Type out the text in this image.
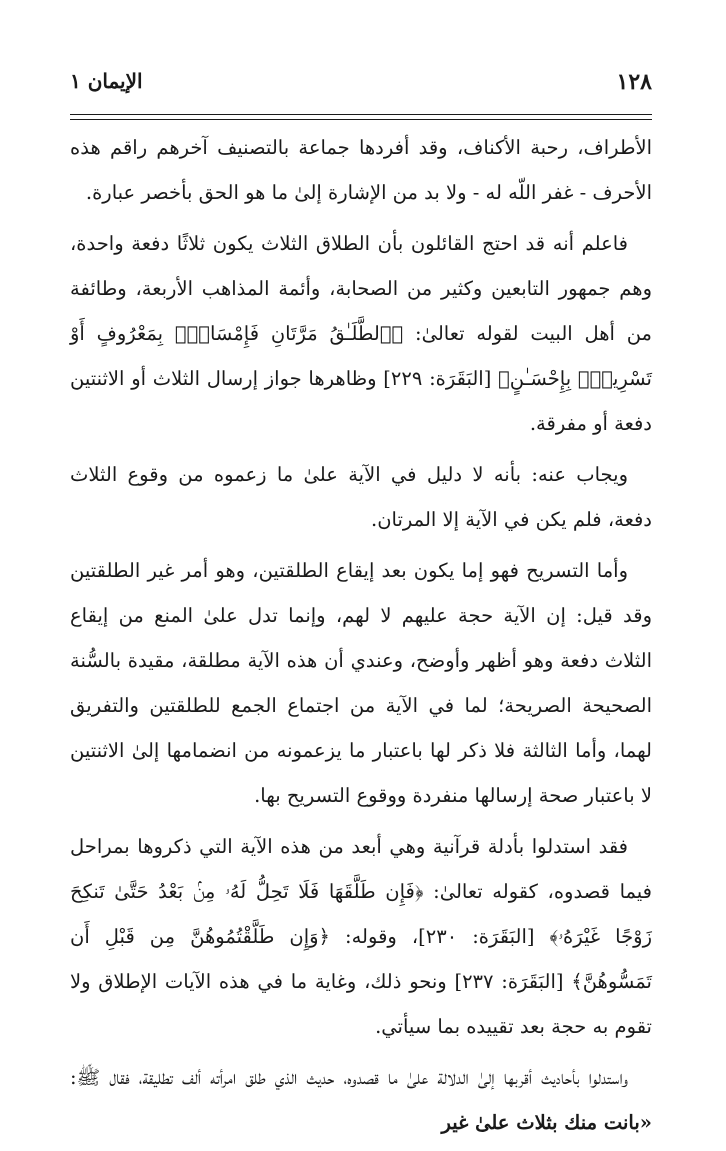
١٢٨
الإيمان ١

الأطراف، رحبة الأكناف، وقد أفردها جماعة بالتصنيف آخرهم راقم هذه الأحرف - غفر اللّه له - ولا بد من الإشارة إلىٰ ما هو الحق بأخصر عبارة.

فاعلم أنه قد احتج القائلون بأن الطلاق الثلاث يكون ثلاثًا دفعة واحدة، وهم جمهور التابعين وكثير من الصحابة، وأئمة المذاهب الأربعة، وطائفة من أهل البيت لقوله تعالىٰ: ﴿ٱلطَّلَـٰقُ مَرَّتَانِ فَإِمْسَاكٌۢ بِمَعْرُوفٍ أَوْ تَسْرِيحٌۢ بِإِحْسَـٰنٍ﴾ [البَقَرَة: ٢٢٩] وظاهرها جواز إرسال الثلاث أو الاثنتين دفعة أو مفرقة.

ويجاب عنه: بأنه لا دليل في الآية علىٰ ما زعموه من وقوع الثلاث دفعة، فلم يكن في الآية إلا المرتان.

وأما التسريح فهو إما يكون بعد إيقاع الطلقتين، وهو أمر غير الطلقتين وقد قيل: إن الآية حجة عليهم لا لهم، وإنما تدل علىٰ المنع من إيقاع الثلاث دفعة وهو أظهر وأوضح، وعندي أن هذه الآية مطلقة، مقيدة بالسُّنة الصحيحة الصريحة؛ لما في الآية من اجتماع الجمع للطلقتين والتفريق لهما، وأما الثالثة فلا ذكر لها باعتبار ما يزعمونه من انضمامها إلىٰ الاثنتين لا باعتبار صحة إرسالها منفردة ووقوع التسريح بها.

فقد استدلوا بأدلة قرآنية وهي أبعد من هذه الآية التي ذكروها بمراحل فيما قصدوه، كقوله تعالىٰ: ﴿فَإِن طَلَّقَهَا فَلَا تَحِلُّ لَهُۥ مِنۢ بَعْدُ حَتَّىٰ تَنكِحَ زَوْجًا غَيْرَهُۥ﴾ [البَقَرَة: ٢٣٠]، وقوله: ﴿وَإِن طَلَّقْتُمُوهُنَّ مِن قَبْلِ أَن تَمَسُّوهُنَّ﴾ [البَقَرَة: ٢٣٧] ونحو ذلك، وغاية ما في هذه الآيات الإطلاق ولا تقوم به حجة بعد تقييده بما سيأتي.

واستدلوا بأحاديث أقربها إلىٰ الدلالة علىٰ ما قصدوه، حديث الذي طلق امرأته ألف تطليقة، فقال ﷺ: «بانت منك بثلاث علىٰ غير
